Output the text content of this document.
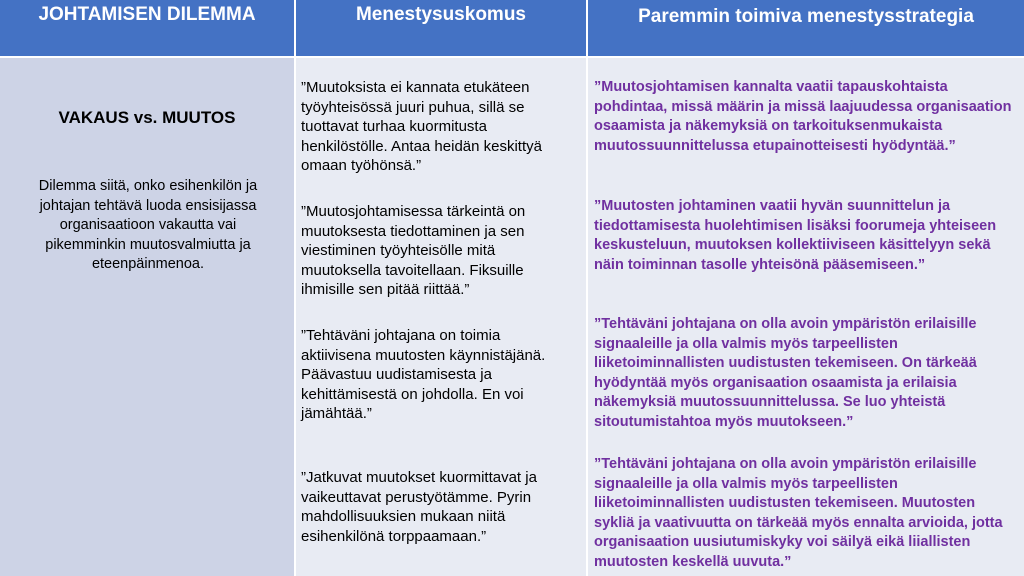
JOHTAMISEN DILEMMA	Menestysuskomus	Paremmin toimiva menestysstrategia
VAKAUS vs. MUUTOS
Dilemma siitä, onko esihenkilön ja johtajan tehtävä luoda ensisijassa organisaatioon vakautta vai pikemminkin muutosvalmiutta ja eteenpäinmenoa.
”Muutoksista ei kannata etukäteen työyhteisössä juuri puhua, sillä se tuottavat turhaa kuormitusta henkilöstölle. Antaa heidän keskittyä omaan työhönsä.”
”Muutosjohtamisessa tärkeintä on muutoksesta tiedottaminen ja sen viestiminen työyhteisölle mitä muutoksella tavoitellaan. Fiksuille ihmisille sen pitää riittää.”
”Tehtäväni johtajana on toimia aktiivisena muutosten käynnistäjänä. Päävastuu uudistamisesta ja kehittämisestä on johdolla. En voi jämähtää.”
”Jatkuvat muutokset kuormittavat ja vaikeuttavat perustyötämme. Pyrin mahdollisuuksien mukaan niitä esihenkilönä torppaamaan.”
”Muutosjohtamisen kannalta vaatii tapauskohtaista pohdintaa, missä määrin ja missä laajuudessa organisaation osaamista ja näkemyksiä on tarkoituksenmukaista muutossuunnittelussa etupainotteisesti hyödyntää.”
”Muutosten johtaminen vaatii hyvän suunnittelun ja tiedottamisesta huolehtimisen lisäksi foorumeja yhteiseen keskusteluun, muutoksen kollektiiviseen käsittelyyn sekä näin toiminnan tasolle yhteisönä pääsemiseen.”
”Tehtäväni johtajana on olla avoin ympäristön erilaisille signaaleille ja olla valmis myös tarpeellisten liiketoiminnallisten uudistusten tekemiseen. On tärkeää hyödyntää myös organisaation osaamista ja erilaisia näkemyksiä muutossuunnittelussa. Se luo yhteistä sitoutumistahtoa myös muutokseen.”
”Tehtäväni johtajana on olla avoin ympäristön erilaisille signaaleille ja olla valmis myös tarpeellisten liiketoiminnallisten uudistusten tekemiseen. Muutosten sykliä ja vaativuutta on tärkeää myös ennalta arvioida, jotta organisaation uusiutumiskyky voi säilyä eikä liiallisten muutosten keskellä uuvuta.”
